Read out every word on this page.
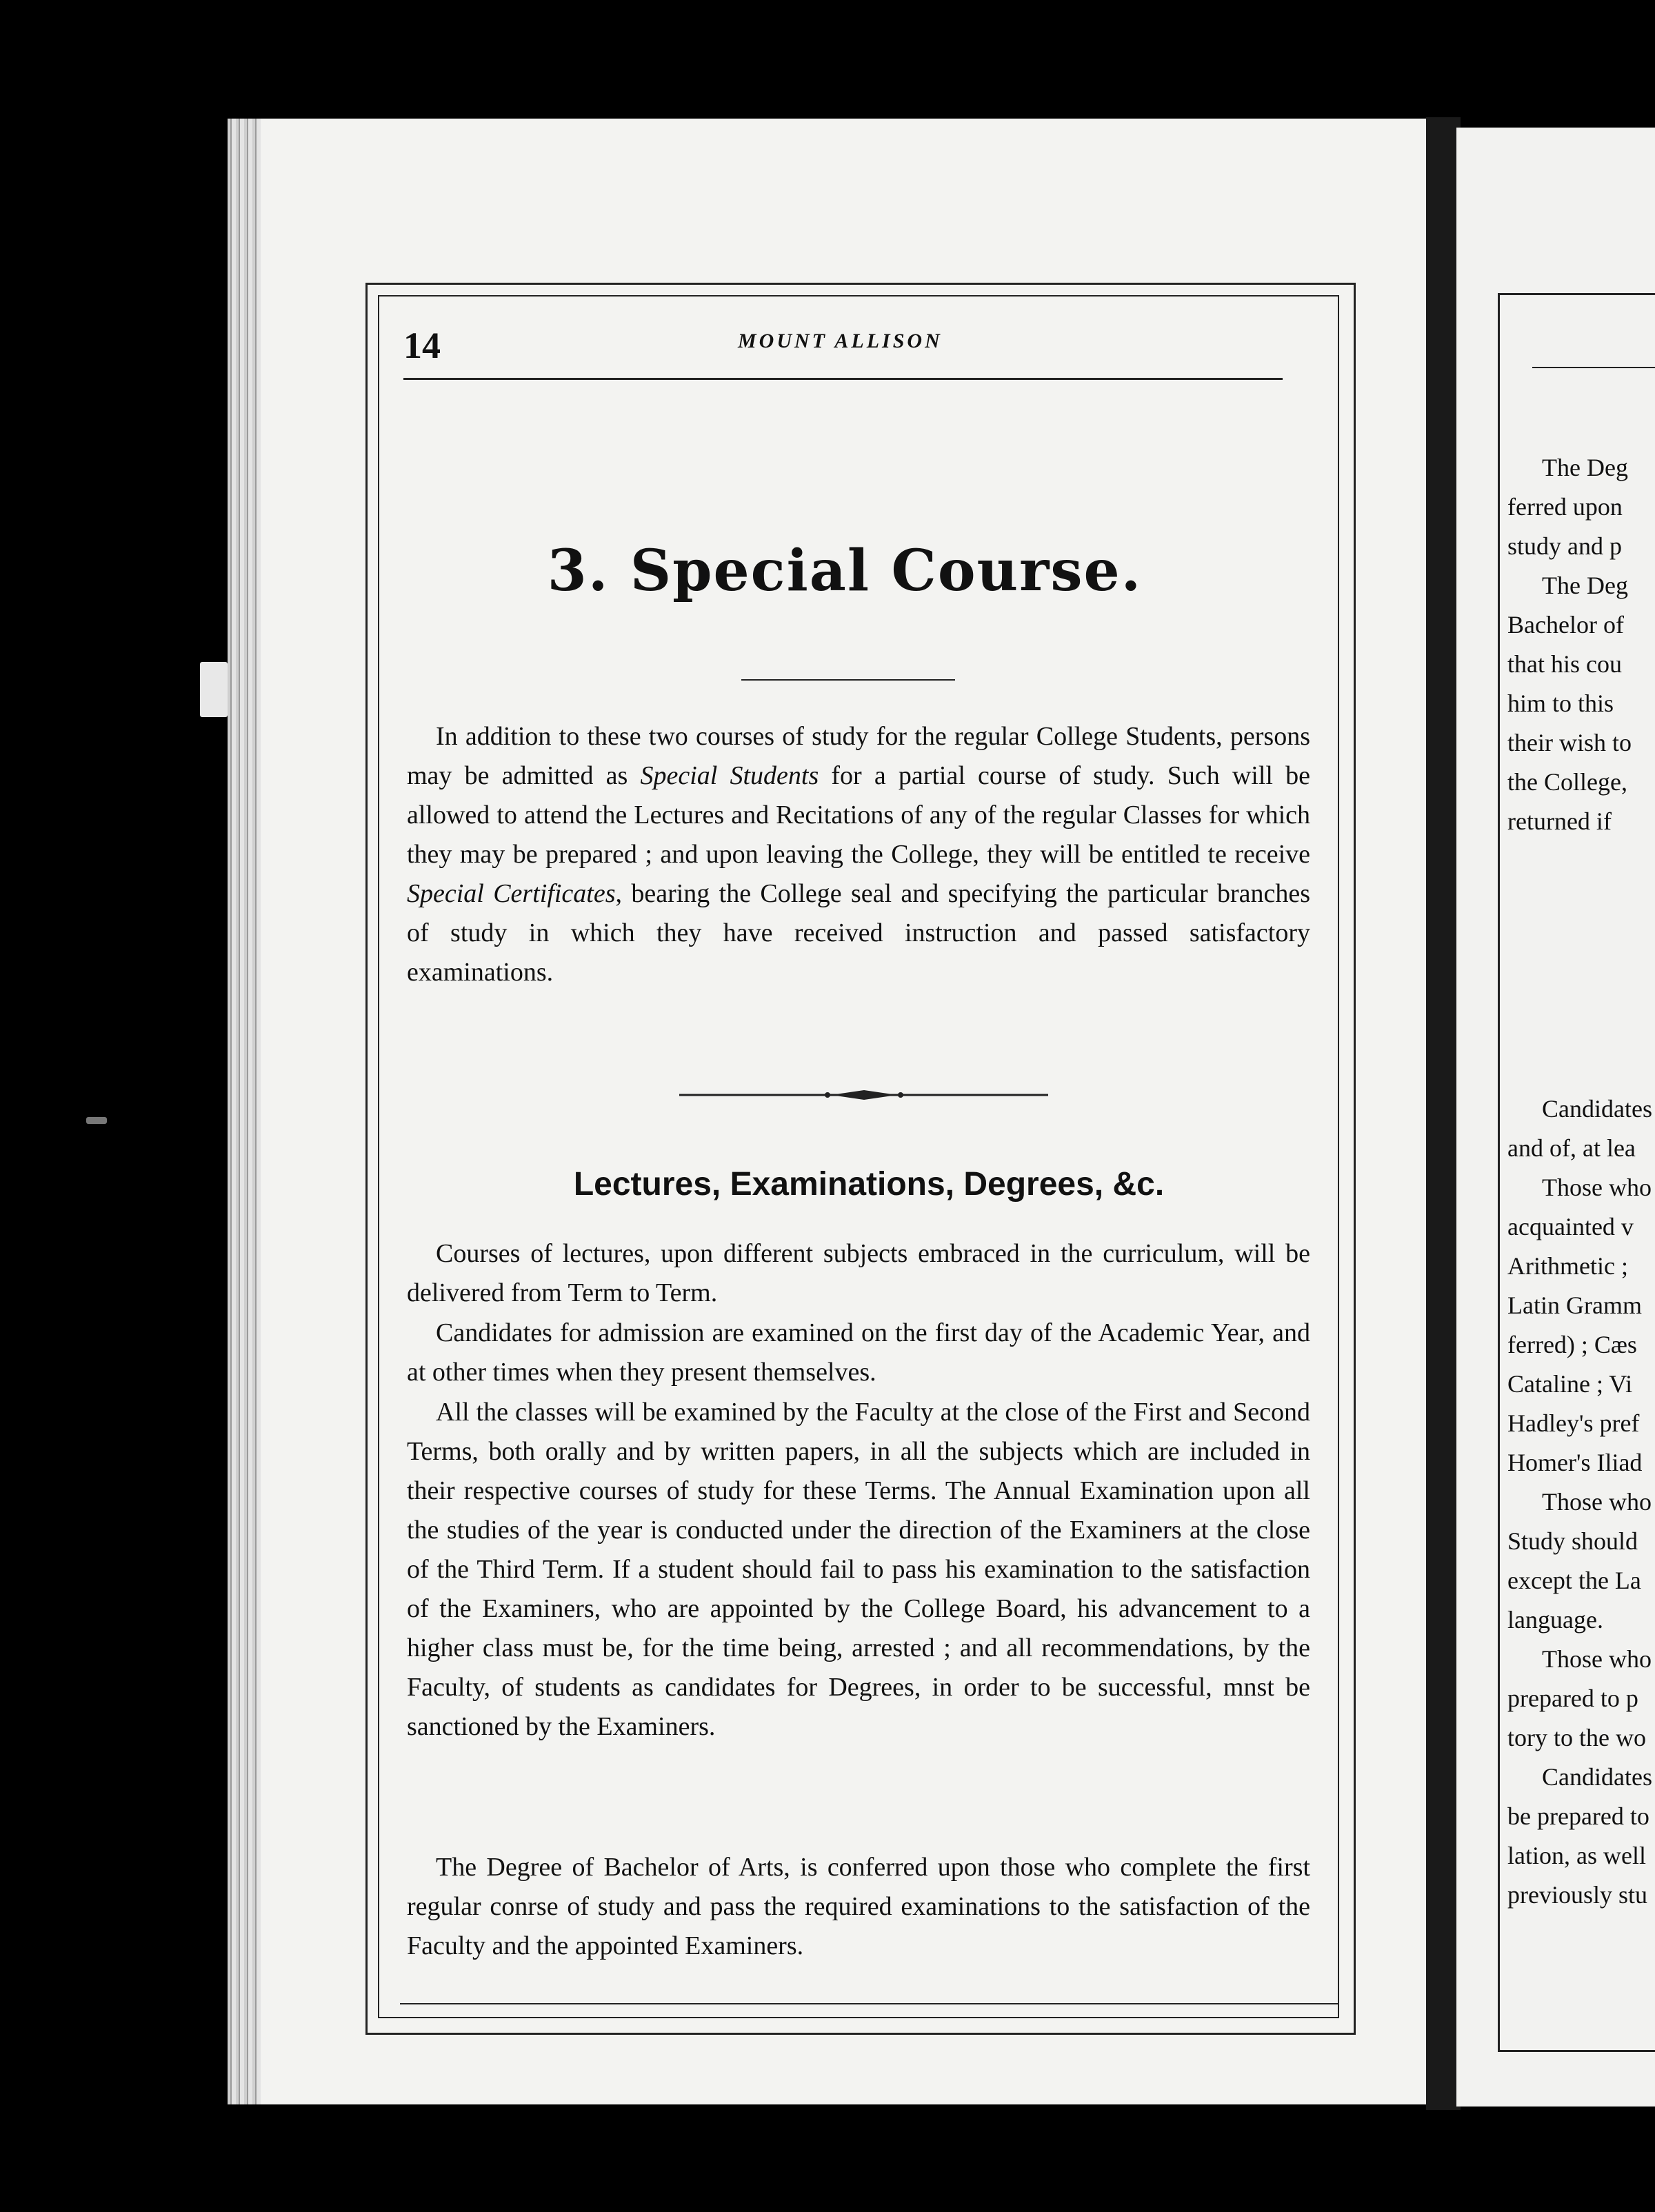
14	MOUNT ALLISON
3. Special Course.

In addition to these two courses of study for the regular College Students, persons may be admitted as Special Students for a partial course of study. Such will be allowed to attend the Lectures and Recitations of any of the regular Classes for which they may be prepared ; and upon leaving the College, they will be entitled te receive Special Certificates, bearing the College seal and specifying the particular branches of study in which they have received instruction and passed satisfactory examinations.

Lectures, Examinations, Degrees, &c.

Courses of lectures, upon different subjects embraced in the curriculum, will be delivered from Term to Term.

Candidates for admission are examined on the first day of the Academic Year, and at other times when they present themselves.

All the classes will be examined by the Faculty at the close of the First and Second Terms, both orally and by written papers, in all the subjects which are included in their respective courses of study for these Terms. The Annual Examination upon all the studies of the year is conducted under the direction of the Examiners at the close of the Third Term. If a student should fail to pass his examination to the satisfaction of the Examiners, who are appointed by the College Board, his advancement to a higher class must be, for the time being, arrested ; and all recommendations, by the Faculty, of students as candidates for Degrees, in order to be successful, mnst be sanctioned by the Examiners.

The Degree of Bachelor of Arts, is conferred upon those who complete the first regular conrse of study and pass the required examinations to the satisfaction of the Faculty and the appointed Examiners.

The Deg
ferred upon
study and p
The Deg
Bachelor of
that his cou
him to this
their wish to
the College,
returned if
Candidates
and of, at lea
Those who
acquainted v
Arithmetic ;
Latin Gramm
ferred) ; Cæs
Cataline ; Vi
Hadley's pref
Homer's Iliad
Those who
Study should
except the La
language.
Those who
prepared to p
tory to the wo
Candidates
be prepared to
lation, as well
previously stu
